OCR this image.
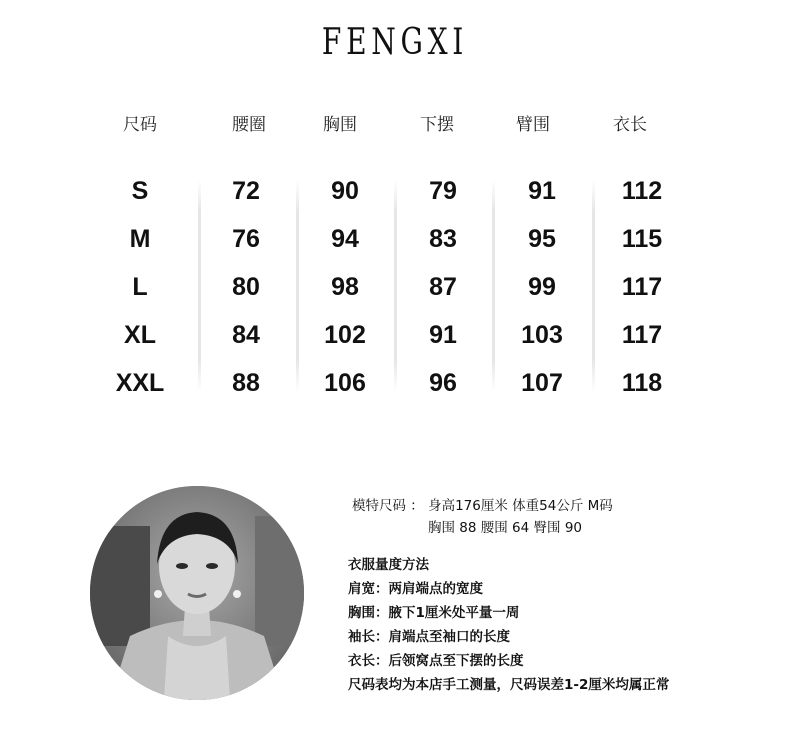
FENGXI
尺码	腰圈	胸围	下摆	臂围	衣长
S	72	90	79	91	112
M	76	94	83	95	115
L	80	98	87	99	117
XL	84	102	91	103	117
XXL	88	106	96	107	118
模特尺码 ： 身高176厘米 体重54公斤 M码
胸围 88 腰围 64 臀围 90
衣服量度方法
肩宽：两肩端点的宽度
胸围：腋下1厘米处平量一周
袖长：肩端点至袖口的长度
衣长：后领窝点至下摆的长度
尺码表均为本店手工测量，尺码误差1-2厘米均属正常
